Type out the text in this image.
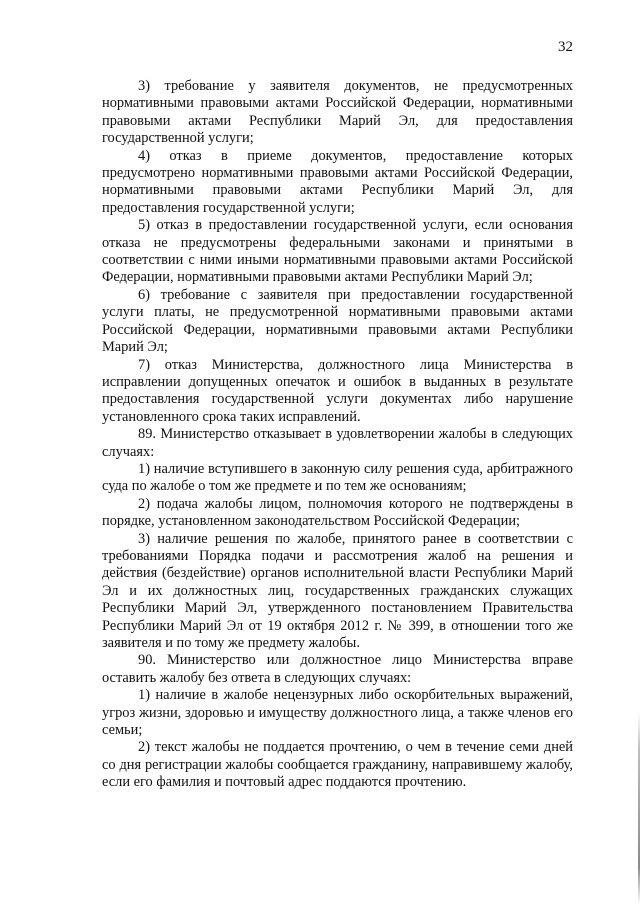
32

3) требование у заявителя документов, не предусмотренных нормативными правовыми актами Российской Федерации, нормативными правовыми актами Республики Марий Эл, для предоставления государственной услуги;

4) отказ в приеме документов, предоставление которых предусмотрено нормативными правовыми актами Российской Федерации, нормативными правовыми актами Республики Марий Эл, для предоставления государственной услуги;

5) отказ в предоставлении государственной услуги, если основания отказа не предусмотрены федеральными законами и принятыми в соответствии с ними иными нормативными правовыми актами Российской Федерации, нормативными правовыми актами Республики Марий Эл;

6) требование с заявителя при предоставлении государственной услуги платы, не предусмотренной нормативными правовыми актами Российской Федерации, нормативными правовыми актами Республики Марий Эл;

7) отказ Министерства, должностного лица Министерства в исправлении допущенных опечаток и ошибок в выданных в результате предоставления государственной услуги документах либо нарушение установленного срока таких исправлений.

89. Министерство отказывает в удовлетворении жалобы в следующих случаях:

1) наличие вступившего в законную силу решения суда, арбитражного суда по жалобе о том же предмете и по тем же основаниям;

2) подача жалобы лицом, полномочия которого не подтверждены в порядке, установленном законодательством Российской Федерации;

3) наличие решения по жалобе, принятого ранее в соответствии с требованиями Порядка подачи и рассмотрения жалоб на решения и действия (бездействие) органов исполнительной власти Республики Марий Эл и их должностных лиц, государственных гражданских служащих Республики Марий Эл, утвержденного постановлением Правительства Республики Марий Эл от 19 октября 2012 г. № 399, в отношении того же заявителя и по тому же предмету жалобы.

90. Министерство или должностное лицо Министерства вправе оставить жалобу без ответа в следующих случаях:

1) наличие в жалобе нецензурных либо оскорбительных выражений, угроз жизни, здоровью и имуществу должностного лица, а также членов его семьи;

2) текст жалобы не поддается прочтению, о чем в течение семи дней со дня регистрации жалобы сообщается гражданину, направившему жалобу, если его фамилия и почтовый адрес поддаются прочтению.
